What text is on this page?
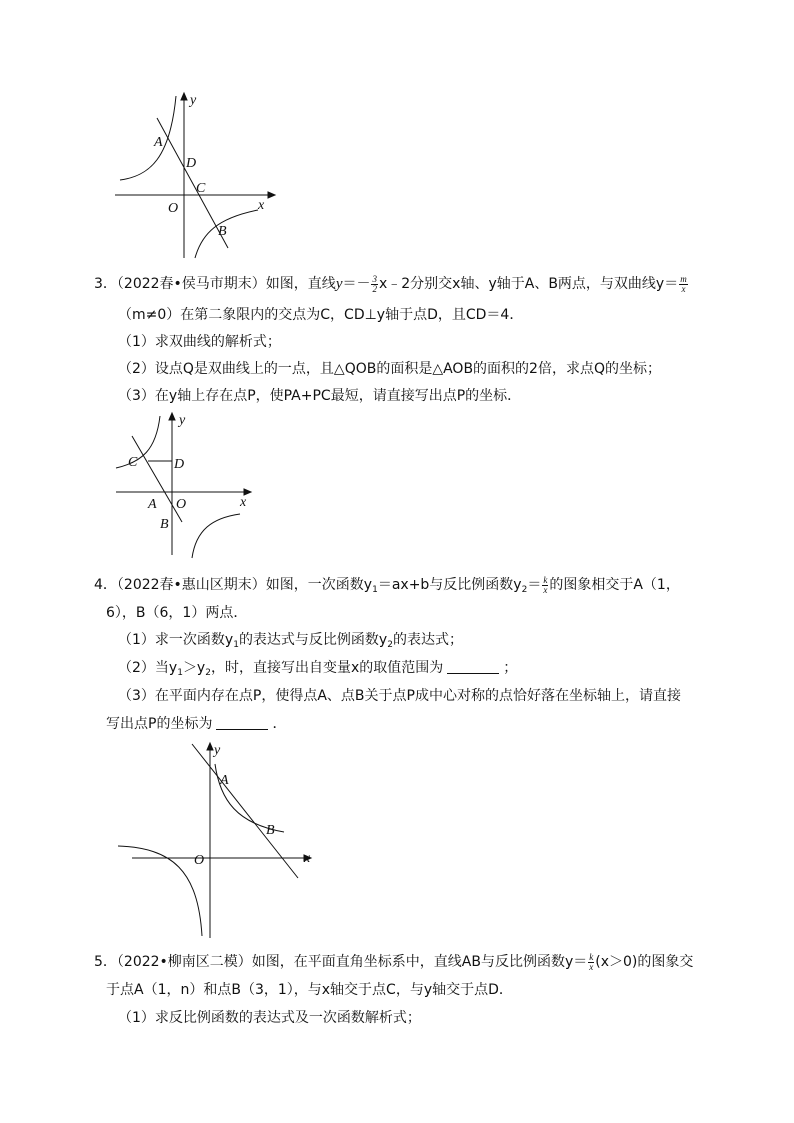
y
x
O
A
D
C
B
3．（2022春•侯马市期末）如图，直线$y=- \frac{3}{2}$ x﹣2分别交x轴、y轴于A、B两点，与双曲线$y= \frac{m}{x}$
（m≠0）在第二象限内的交点为C，CD⊥y轴于点D，且CD＝4．
（1）求双曲线的解析式；
（2）设点Q是双曲线上的一点，且△QOB的面积是△AOB的面积的2倍，求点Q的坐标；
（3）在y轴上存在点P，使PA+PC最短，请直接写出点P的坐标．
y
x
O
A
B
C	D
4．（2022春•惠山区期末）如图，一次函数$y_1=ax+b$与反比例函数$y_2= \frac{k}{x}$ 的图象相交于A（1，
6），B（6，1）两点．
（1）求一次函数$y_1$的表达式与反比例函数$y_2$的表达式；
（2）当$y_1>y_2$，时，直接写出自变量x的取值范围为	；
（3）在平面内存在点P，使得点A、点B关于点P成中心对称的点恰好落在坐标轴上，请直接
写出点P的坐标为	．
y
x
O
A
B
5．（2022•柳南区二模）如图，在平面直角坐标系中，直线AB与反比例函数$y= \frac{k}{x} (x>0)$的图象交
于点A（1，n）和点B（3，1），与x轴交于点C，与y轴交于点D．
（1）求反比例函数的表达式及一次函数解析式；
